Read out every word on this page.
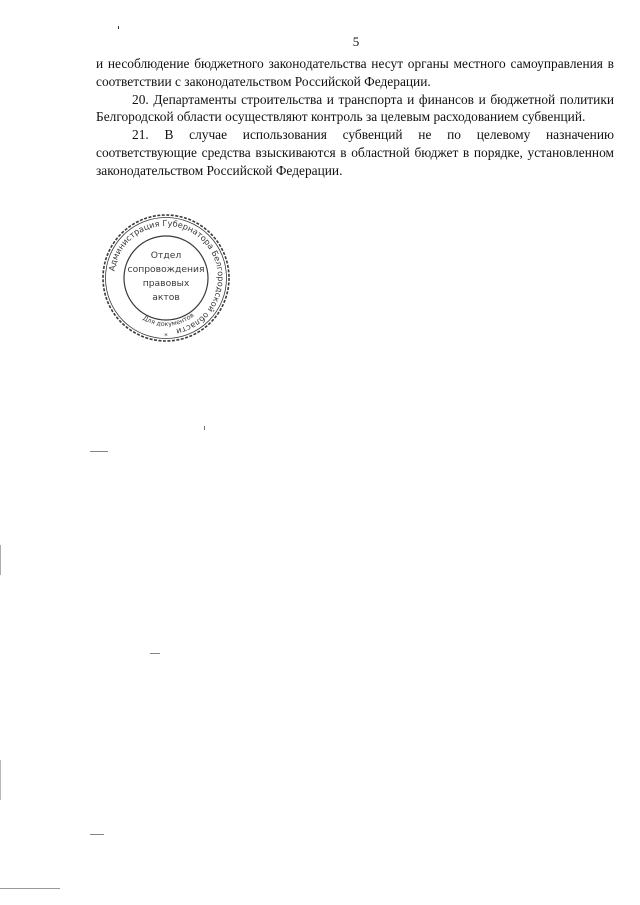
5

и несоблюдение бюджетного законодательства несут органы местного самоуправления в соответствии с законодательством Российской Федерации.

20. Департаменты строительства и транспорта и финансов и бюджетной политики Белгородской области осуществляют контроль за целевым расходованием субвенций.

21. В случае использования субвенций не по целевому назначению соответствующие средства взыскиваются в областной бюджет в порядке, установленном законодательством Российской Федерации.

Администрация Губернатора Белгородской области
Для документов
Отдел
сопровождения
правовых
актов
*
